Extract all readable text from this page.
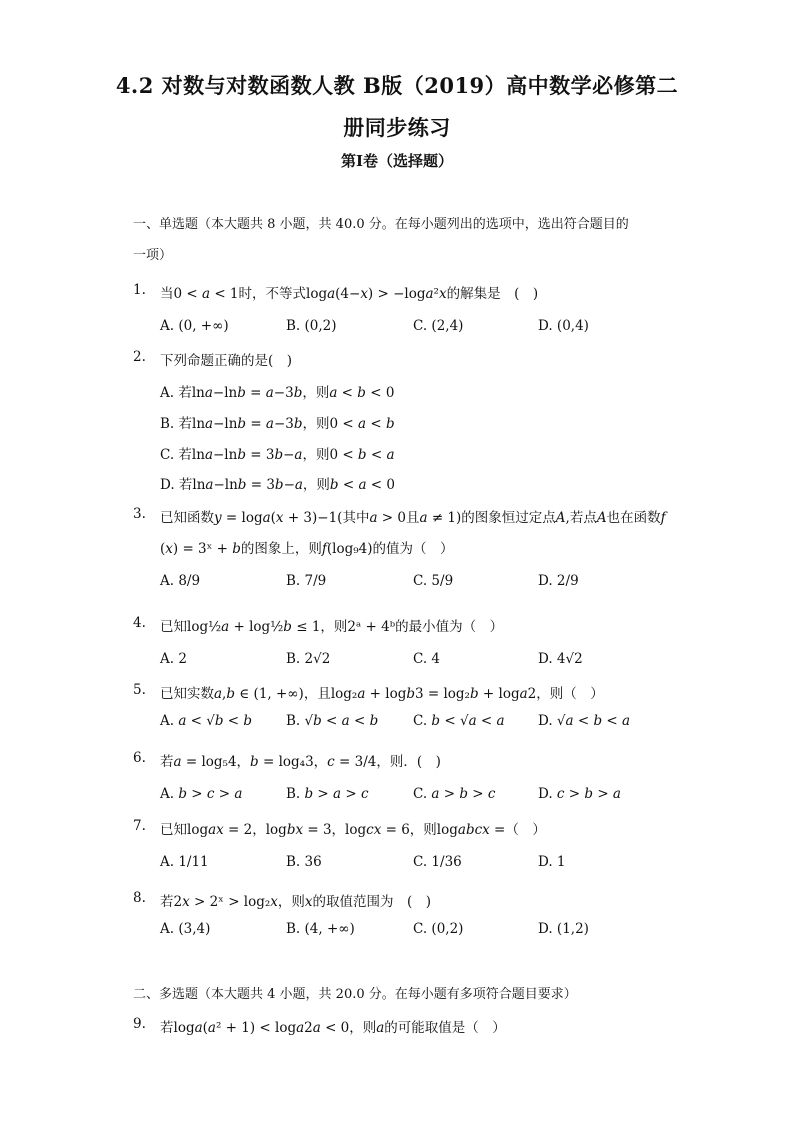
4.2 对数与对数函数人教 B版（2019）高中数学必修第二
册同步练习
第Ⅰ卷（选择题）
一、单选题（本大题共 8 小题，共 40.0 分。在每小题列出的选项中，选出符合题目的
一项）
1. 当0 < 𝑎 < 1时，不等式log𝑎(4−𝑥) > −log𝑎²𝑥的解集是　(　)
A. (0, +∞)	B. (0,2)	C. (2,4)	D. (0,4)
2. 下列命题正确的是(　)
A. 若ln𝑎−ln𝑏 = 𝑎−3𝑏，则𝑎 < 𝑏 < 0
B. 若ln𝑎−ln𝑏 = 𝑎−3𝑏，则0 < 𝑎 < 𝑏
C. 若ln𝑎−ln𝑏 = 3𝑏−𝑎，则0 < 𝑏 < 𝑎
D. 若ln𝑎−ln𝑏 = 3𝑏−𝑎，则𝑏 < 𝑎 < 0
3. 已知函数𝑦 = log𝑎(𝑥 + 3)−1(其中𝑎 > 0且𝑎 ≠ 1)的图象恒过定点𝐴,若点𝐴也在函数𝑓
(𝑥) = 3ˣ + 𝑏的图象上，则𝑓(log₉4)的值为（　）
A. 8/9	B. 7/9	C. 5/9	D. 2/9
4. 已知log½𝑎 + log½𝑏 ≤ 1，则2ᵃ + 4ᵇ的最小值为（　）
A. 2	B. 2√2	C. 4	D. 4√2
5. 已知实数𝑎,𝑏 ∈ (1, +∞)，且log₂𝑎 + log𝑏3 = log₂𝑏 + log𝑎2，则（　）
A. 𝑎 < √𝑏 < 𝑏	B. √𝑏 < 𝑎 < 𝑏	C. 𝑏 < √𝑎 < 𝑎 D. √𝑎 < 𝑏 < 𝑎
6. 若𝑎 = log₅4，𝑏 = log₄3，𝑐 = 3/4，则．(　)
A. 𝑏 > 𝑐 > 𝑎	B. 𝑏 > 𝑎 > 𝑐	C. 𝑎 > 𝑏 > 𝑐	D. 𝑐 > 𝑏 > 𝑎
7. 已知log𝑎𝑥 = 2，log𝑏𝑥 = 3，log𝑐𝑥 = 6，则log𝑎𝑏𝑐𝑥 =（　）
A. 1/11	B. 36	C. 1/36	D. 1
8. 若2𝑥 > 2ˣ > log₂𝑥，则𝑥的取值范围为　(　)
A. (3,4)	B. (4, +∞)	C. (0,2)	D. (1,2)
二、多选题（本大题共 4 小题，共 20.0 分。在每小题有多项符合题目要求）
9. 若log𝑎(𝑎² + 1) < log𝑎2𝑎 < 0，则𝑎的可能取值是（　）
